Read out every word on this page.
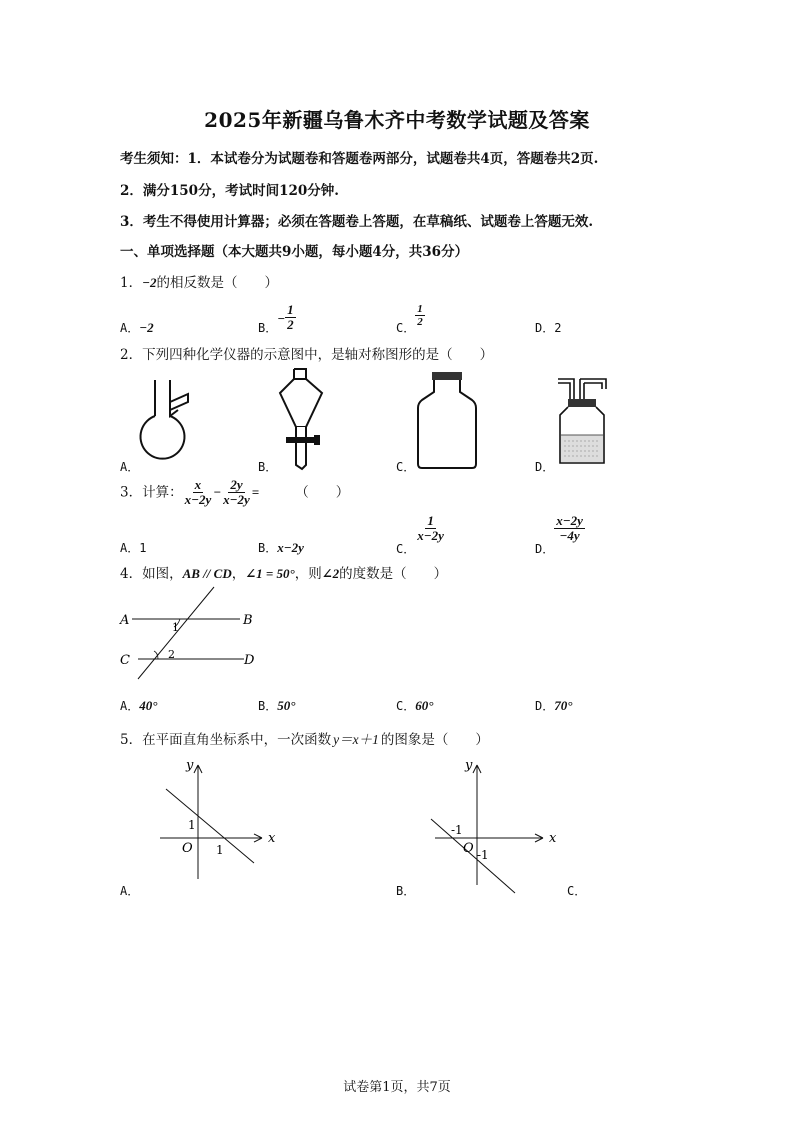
2025年新疆乌鲁木齐中考数学试题及答案
考生须知：1．本试卷分为试题卷和答题卷两部分，试题卷共4页，答题卷共2页.
2．满分150分，考试时间120分钟.
3．考生不得使用计算器；必须在答题卷上答题，在草稿纸、试题卷上答题无效.
一、单项选择题（本大题共9小题，每小题4分，共36分）
1．−2的相反数是（　　）
A．−2	B．− $\frac{1}{2}$	C． $\frac{1}{2}$	D．2
2．下列四种化学仪器的示意图中，是轴对称图形的是（　　）
A．	B．	C．	D．
3．计算： $\frac{x}{x-2y} - \frac{2y}{x-2y}$ =	（　　）
A．1	B．x−2y	C．
$\frac{1}{x-2y}$
D．
$\frac{x-2y}{-4y}$
4．如图，AB // CD，∠1 = 50°，则∠2的度数是（　　）
A	B
C	D
1
2
A．40°	B．50°	C．60°	D．70°
5．在平面直角坐标系中，一次函数 y＝x＋1 的图象是（　　）
x
y
O
1
1
A．
x
y
O
-1
-1
B．	C．
试卷第1页，共7页
